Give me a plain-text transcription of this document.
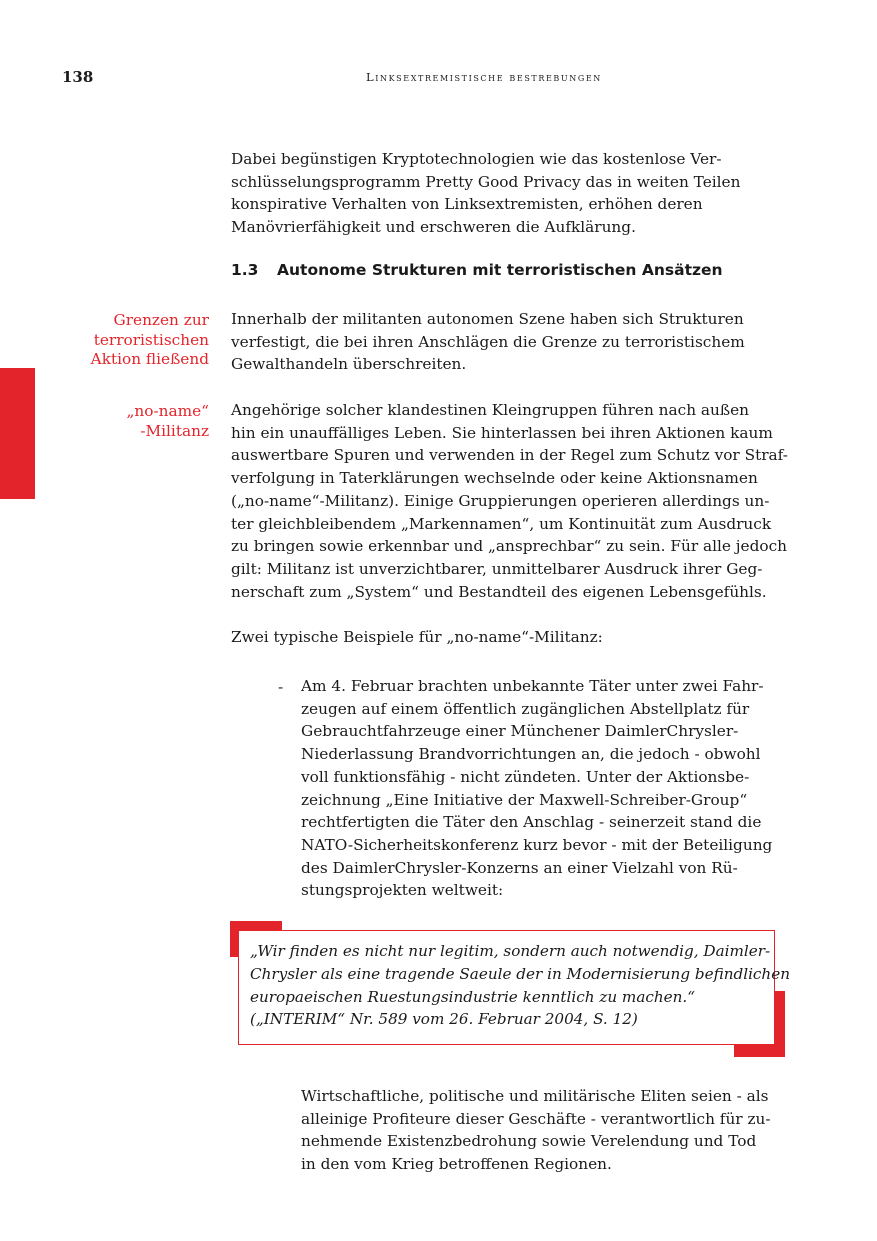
138	linksextremistische bestrebungen

Dabei begünstigen Kryptotechnologien wie das kostenlose Ver-
schlüsselungsprogramm Pretty Good Privacy das in weiten Teilen
konspirative Verhalten von Linksextremisten, erhöhen deren
Manövrierfähigkeit und erschweren die Aufklärung.

1.3 Autonome Strukturen mit terroristischen Ansätzen
Grenzen zur
terroristischen
Aktion fließend

Innerhalb der militanten autonomen Szene haben sich Strukturen
verfestigt, die bei ihren Anschlägen die Grenze zu terroristischem
Gewalthandeln überschreiten.

„no-name“
-Militanz

Angehörige solcher klandestinen Kleingruppen führen nach außen
hin ein unauffälliges Leben. Sie hinterlassen bei ihren Aktionen kaum
auswertbare Spuren und verwenden in der Regel zum Schutz vor Straf-
verfolgung in Taterklärungen wechselnde oder keine Aktionsnamen
(„no-name“-Militanz). Einige Gruppierungen operieren allerdings un-
ter gleichbleibendem „Markennamen“, um Kontinuität zum Ausdruck
zu bringen sowie erkennbar und „ansprechbar“ zu sein. Für alle jedoch
gilt: Militanz ist unverzichtbarer, unmittelbarer Ausdruck ihrer Geg-
nerschaft zum „System“ und Bestandteil des eigenen Lebensgefühls.

Zwei typische Beispiele für „no-name“-Militanz:

- Am 4. Februar brachten unbekannte Täter unter zwei Fahr-
zeugen auf einem öffentlich zugänglichen Abstellplatz für
Gebrauchtfahrzeuge einer Münchener DaimlerChrysler-
Niederlassung Brandvorrichtungen an, die jedoch - obwohl
voll funktionsfähig - nicht zündeten. Unter der Aktionsbe-
zeichnung „Eine Initiative der Maxwell-Schreiber-Group“
rechtfertigten die Täter den Anschlag - seinerzeit stand die
NATO-Sicherheitskonferenz kurz bevor - mit der Beteiligung
des DaimlerChrysler-Konzerns an einer Vielzahl von Rü-
stungsprojekten weltweit:

„Wir finden es nicht nur legitim, sondern auch notwendig, Daimler-
Chrysler als eine tragende Saeule der in Modernisierung befindlichen
europaeischen Ruestungsindustrie kenntlich zu machen.“
(„INTERIM“ Nr. 589 vom 26. Februar 2004, S. 12)

Wirtschaftliche, politische und militärische Eliten seien - als
alleinige Profiteure dieser Geschäfte - verantwortlich für zu-
nehmende Existenzbedrohung sowie Verelendung und Tod
in den vom Krieg betroffenen Regionen.
